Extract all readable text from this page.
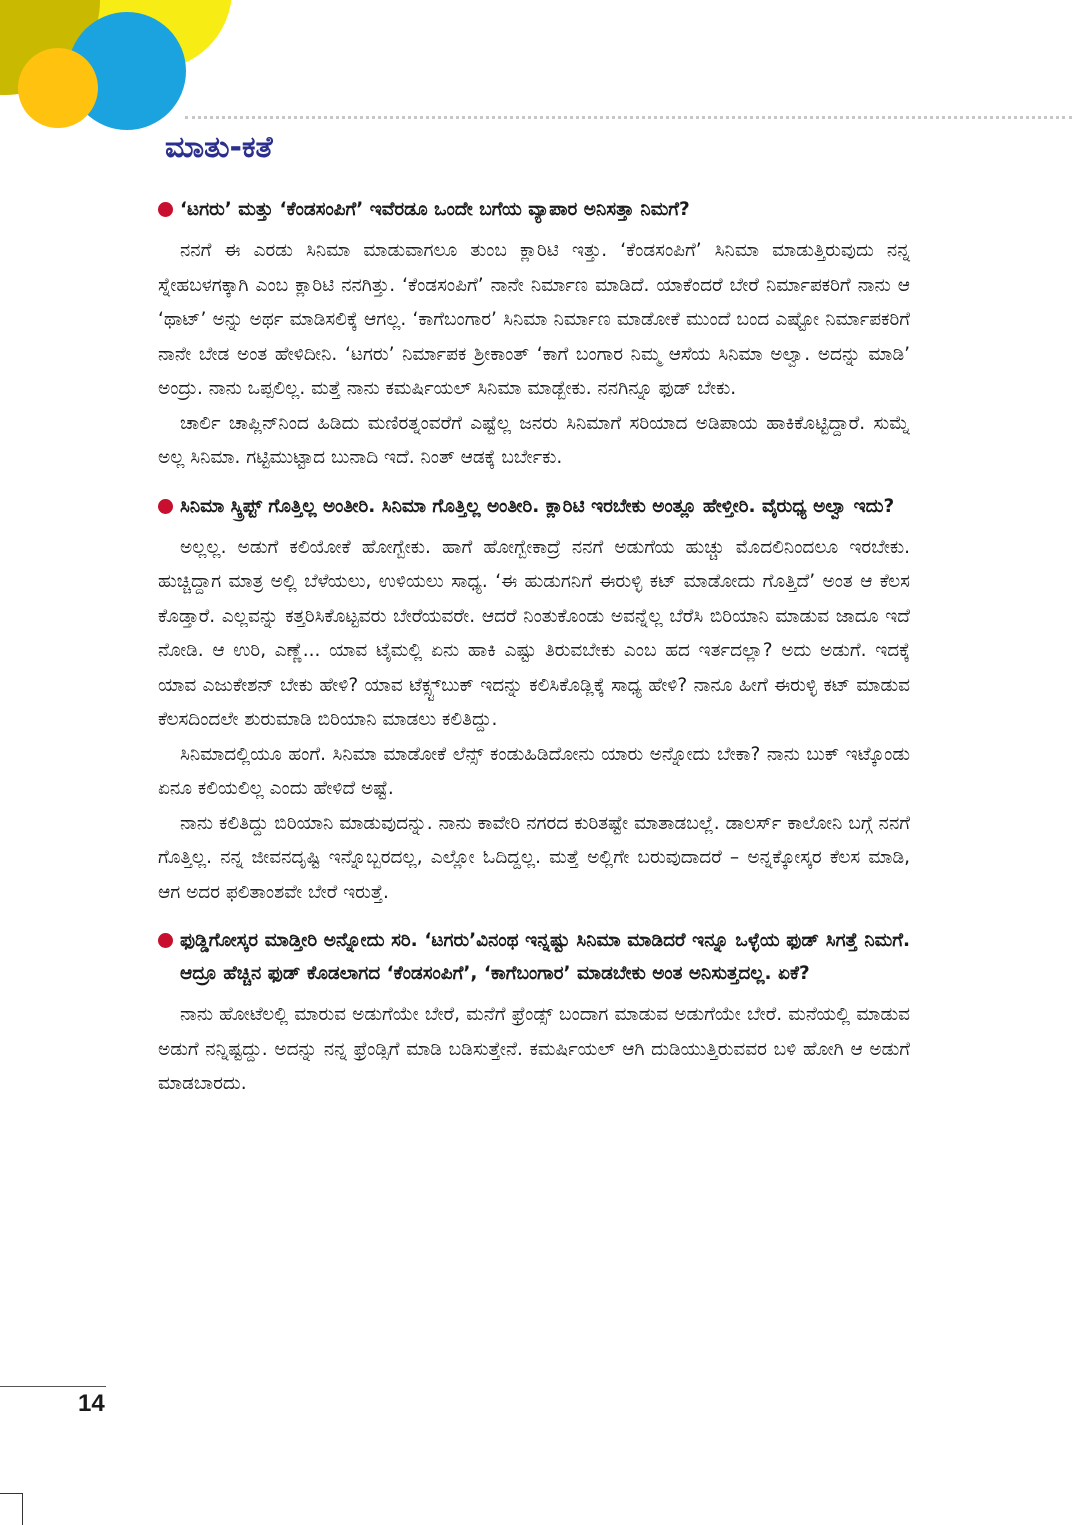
ಮಾತು-ಕತೆ
‘ಟಗರು’ ಮತ್ತು ‘ಕೆಂಡಸಂಪಿಗೆ’ ಇವೆರಡೂ ಒಂದೇ ಬಗೆಯ ವ್ಯಾಪಾರ ಅನಿಸತ್ತಾ ನಿಮಗೆ?

ನನಗೆ ಈ ಎರಡು ಸಿನಿಮಾ ಮಾಡುವಾಗಲೂ ತುಂಬ ಕ್ಲಾರಿಟಿ ಇತ್ತು. ‘ಕೆಂಡಸಂಪಿಗೆ’ ಸಿನಿಮಾ ಮಾಡುತ್ತಿರುವುದು ನನ್ನ ಸ್ನೇಹಬಳಗಕ್ಕಾಗಿ ಎಂಬ ಕ್ಲಾರಿಟಿ ನನಗಿತ್ತು. ‘ಕೆಂಡಸಂಪಿಗೆ’ ನಾನೇ ನಿರ್ಮಾಣ ಮಾಡಿದೆ. ಯಾಕೆಂದರೆ ಬೇರೆ ನಿರ್ಮಾಪಕರಿಗೆ ನಾನು ಆ ‘ಥಾಟ್’ ಅನ್ನು ಅರ್ಥ ಮಾಡಿಸಲಿಕ್ಕೆ ಆಗಲ್ಲ. ‘ಕಾಗೆಬಂಗಾರ’ ಸಿನಿಮಾ ನಿರ್ಮಾಣ ಮಾಡೋಕೆ ಮುಂದೆ ಬಂದ ಎಷ್ಟೋ ನಿರ್ಮಾಪಕರಿಗೆ ನಾನೇ ಬೇಡ ಅಂತ ಹೇಳಿದೀನಿ. ‘ಟಗರು’ ನಿರ್ಮಾಪಕ ಶ್ರೀಕಾಂತ್ ‘ಕಾಗೆ ಬಂಗಾರ ನಿಮ್ಮ ಆಸೆಯ ಸಿನಿಮಾ ಅಲ್ವಾ. ಅದನ್ನು ಮಾಡಿ’ ಅಂದ್ರು. ನಾನು ಒಪ್ಪಲಿಲ್ಲ. ಮತ್ತೆ ನಾನು ಕಮರ್ಷಿಯಲ್ ಸಿನಿಮಾ ಮಾಡ್ಬೇಕು. ನನಗಿನ್ನೂ ಫುಡ್ ಬೇಕು.

ಚಾರ್ಲಿ ಚಾಪ್ಲಿನ್‌ನಿಂದ ಹಿಡಿದು ಮಣಿರತ್ನಂವರೆಗೆ ಎಷ್ಟೆಲ್ಲ ಜನರು ಸಿನಿಮಾಗೆ ಸರಿಯಾದ ಅಡಿಪಾಯ ಹಾಕಿಕೊಟ್ಟಿದ್ದಾರೆ. ಸುಮ್ನೆ ಅಲ್ಲ ಸಿನಿಮಾ. ಗಟ್ಟಿಮುಟ್ಟಾದ ಬುನಾದಿ ಇದೆ. ನಿಂತ್ ಆಡಕ್ಕೆ ಬರ್ಬೇಕು.

ಸಿನಿಮಾ ಸ್ಕ್ರಿಪ್ಟ್ ಗೊತ್ತಿಲ್ಲ ಅಂತೀರಿ. ಸಿನಿಮಾ ಗೊತ್ತಿಲ್ಲ ಅಂತೀರಿ. ಕ್ಲಾರಿಟಿ ಇರಬೇಕು ಅಂತ್ಲೂ ಹೇಳ್ತೀರಿ. ವೈರುಧ್ಯ ಅಲ್ವಾ ಇದು?

ಅಲ್ಲಲ್ಲ. ಅಡುಗೆ ಕಲಿಯೋಕೆ ಹೋಗ್ಬೇಕು. ಹಾಗೆ ಹೋಗ್ಬೇಕಾದ್ರೆ ನನಗೆ ಅಡುಗೆಯ ಹುಚ್ಚು ಮೊದಲಿನಿಂದಲೂ ಇರಬೇಕು. ಹುಚ್ಚಿದ್ದಾಗ ಮಾತ್ರ ಅಲ್ಲಿ ಬೆಳೆಯಲು, ಉಳಿಯಲು ಸಾಧ್ಯ. ‘ಈ ಹುಡುಗನಿಗೆ ಈರುಳ್ಳಿ ಕಟ್ ಮಾಡೋದು ಗೊತ್ತಿದೆ’ ಅಂತ ಆ ಕೆಲಸ ಕೊಡ್ತಾರೆ. ಎಲ್ಲವನ್ನು ಕತ್ತರಿಸಿಕೊಟ್ಟವರು ಬೇರೆಯವರೇ. ಆದರೆ ನಿಂತುಕೊಂಡು ಅವನ್ನೆಲ್ಲ ಬೆರೆಸಿ ಬಿರಿಯಾನಿ ಮಾಡುವ ಜಾದೂ ಇದೆ ನೋಡಿ. ಆ ಉರಿ, ಎಣ್ಣೆ... ಯಾವ ಟೈಮಲ್ಲಿ ಏನು ಹಾಕಿ ಎಷ್ಟು ತಿರುವಬೇಕು ಎಂಬ ಹದ ಇರ್ತದಲ್ಲಾ? ಅದು ಅಡುಗೆ. ಇದಕ್ಕೆ ಯಾವ ಎಜುಕೇಶನ್ ಬೇಕು ಹೇಳಿ? ಯಾವ ಟೆಕ್ಸ್ಟ್‌ಬುಕ್ ಇದನ್ನು ಕಲಿಸಿಕೊಡ್ಲಿಕ್ಕೆ ಸಾಧ್ಯ ಹೇಳಿ? ನಾನೂ ಹೀಗೆ ಈರುಳ್ಳಿ ಕಟ್ ಮಾಡುವ ಕೆಲಸದಿಂದಲೇ ಶುರುಮಾಡಿ ಬಿರಿಯಾನಿ ಮಾಡಲು ಕಲಿತಿದ್ದು.

ಸಿನಿಮಾದಲ್ಲಿಯೂ ಹಂಗೆ. ಸಿನಿಮಾ ಮಾಡೋಕೆ ಲೆನ್ಸ್ ಕಂಡುಹಿಡಿದೋನು ಯಾರು ಅನ್ನೋದು ಬೇಕಾ? ನಾನು ಬುಕ್ ಇಟ್ಕೊಂಡು ಏನೂ ಕಲಿಯಲಿಲ್ಲ ಎಂದು ಹೇಳಿದೆ ಅಷ್ಟೆ.

ನಾನು ಕಲಿತಿದ್ದು ಬಿರಿಯಾನಿ ಮಾಡುವುದನ್ನು. ನಾನು ಕಾವೇರಿ ನಗರದ ಕುರಿತಷ್ಟೇ ಮಾತಾಡಬಲ್ಲೆ. ಡಾಲರ್ಸ್ ಕಾಲೋನಿ ಬಗ್ಗೆ ನನಗೆ ಗೊತ್ತಿಲ್ಲ. ನನ್ನ ಜೀವನದೃಷ್ಟಿ ಇನ್ನೊಬ್ಬರದಲ್ಲ, ಎಲ್ಲೋ ಓದಿದ್ದಲ್ಲ. ಮತ್ತೆ ಅಲ್ಲಿಗೇ ಬರುವುದಾದರೆ – ಅನ್ನಕ್ಕೋಸ್ಕರ ಕೆಲಸ ಮಾಡಿ, ಆಗ ಅದರ ಫಲಿತಾಂಶವೇ ಬೇರೆ ಇರುತ್ತೆ.

ಫುಡ್ಡಿಗೋಸ್ಕರ ಮಾಡ್ತೀರಿ ಅನ್ನೋದು ಸರಿ. ‘ಟಗರು’ವಿನಂಥ ಇನ್ನಷ್ಟು ಸಿನಿಮಾ ಮಾಡಿದರೆ ಇನ್ನೂ ಒಳ್ಳೆಯ ಫುಡ್ ಸಿಗತ್ತೆ ನಿಮಗೆ. ಆದ್ರೂ ಹೆಚ್ಚಿನ ಫುಡ್ ಕೊಡಲಾಗದ ‘ಕೆಂಡಸಂಪಿಗೆ’, ‘ಕಾಗೆಬಂಗಾರ’ ಮಾಡಬೇಕು ಅಂತ ಅನಿಸುತ್ತದಲ್ಲ. ಏಕೆ?

ನಾನು ಹೋಟೆಲಲ್ಲಿ ಮಾರುವ ಅಡುಗೆಯೇ ಬೇರೆ, ಮನೆಗೆ ಫ್ರೆಂಡ್ಸ್ ಬಂದಾಗ ಮಾಡುವ ಅಡುಗೆಯೇ ಬೇರೆ. ಮನೆಯಲ್ಲಿ ಮಾಡುವ ಅಡುಗೆ ನನ್ನಿಷ್ಟದ್ದು. ಅದನ್ನು ನನ್ನ ಫ್ರೆಂಡ್ಸಿಗೆ ಮಾಡಿ ಬಡಿಸುತ್ತೇನೆ. ಕಮರ್ಷಿಯಲ್ ಆಗಿ ದುಡಿಯುತ್ತಿರುವವರ ಬಳಿ ಹೋಗಿ ಆ ಅಡುಗೆ ಮಾಡಬಾರದು.

14
